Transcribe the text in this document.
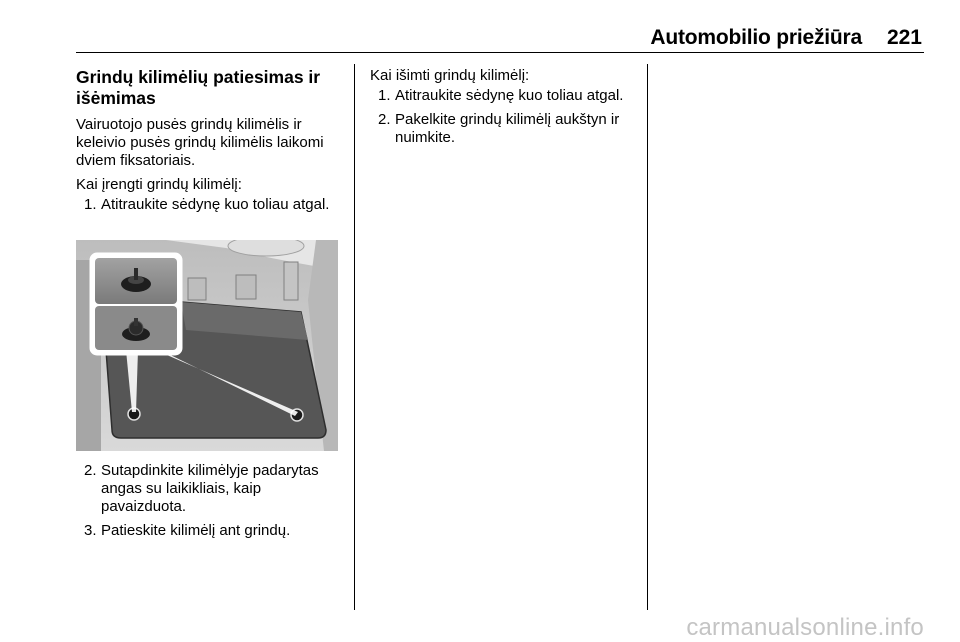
Automobilio priežiūra 221
Grindų kilimėlių patiesimas ir išėmimas

Vairuotojo pusės grindų kilimėlis ir keleivio pusės grindų kilimėlis laikomi dviem fiksatoriais.

Kai įrengti grindų kilimėlį:

1. Atitraukite sėdynę kuo toliau atgal.
2. Sutapdinkite kilimėlyje padarytas angas su laikikliais, kaip pavaizduota.
3. Patieskite kilimėlį ant grindų.

Kai išimti grindų kilimėlį:

1. Atitraukite sėdynę kuo toliau atgal.
2. Pakelkite grindų kilimėlį aukštyn ir nuimkite.
carmanualsonline.info
